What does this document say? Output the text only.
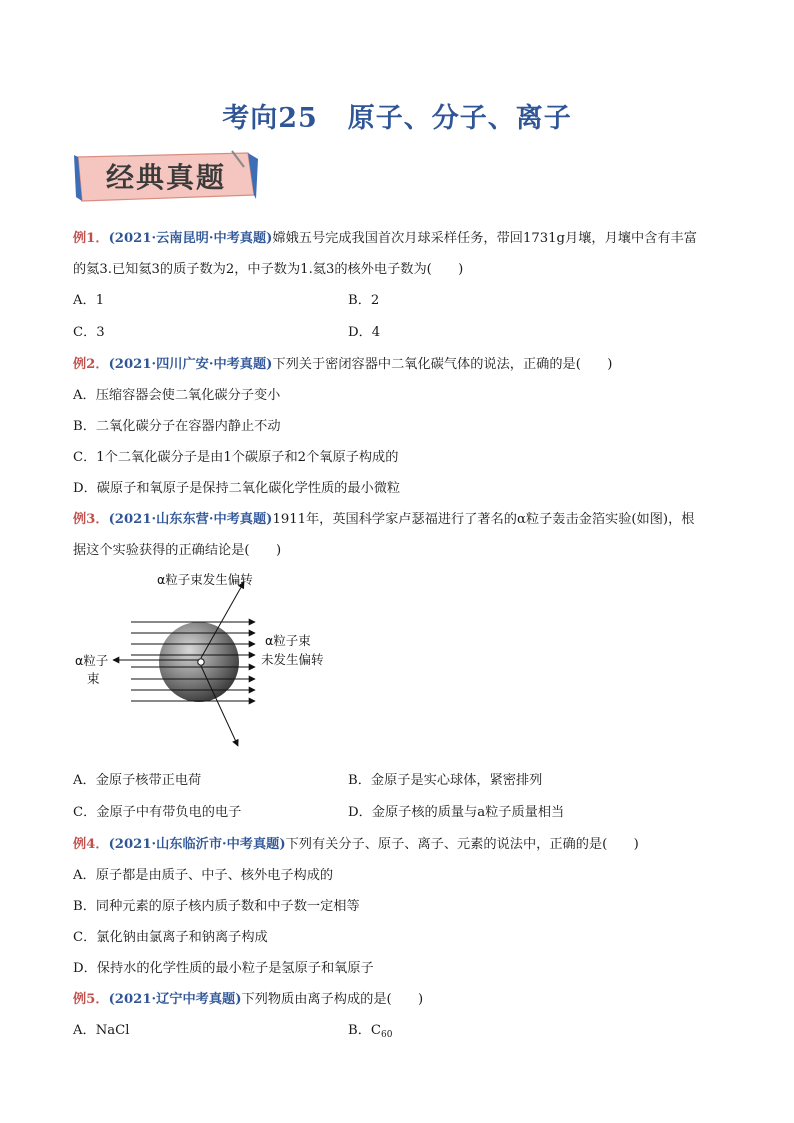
考向25 原子、分子、离子
经典真题
例1．(2021·云南昆明·中考真题)嫦娥五号完成我国首次月球采样任务，带回1731g月壤，月壤中含有丰富
的氦3.已知氦3的质子数为2，中子数为1.氦3的核外电子数为(　　)
A．1	B．2
C．3	D．4
例2．(2021·四川广安·中考真题)下列关于密闭容器中二氧化碳气体的说法，正确的是(　　)
A．压缩容器会使二氧化碳分子变小
B．二氧化碳分子在容器内静止不动
C．1个二氧化碳分子是由1个碳原子和2个氧原子构成的
D．碳原子和氧原子是保持二氧化碳化学性质的最小微粒
例3．(2021·山东东营·中考真题)1911年，英国科学家卢瑟福进行了著名的α粒子轰击金箔实验(如图)，根
据这个实验获得的正确结论是(　　)
α粒子束发生偏转
α粒子束
未发生偏转
α粒子
束
A．金原子核带正电荷	B．金原子是实心球体，紧密排列
C．金原子中有带负电的电子	D．金原子核的质量与a粒子质量相当
例4．(2021·山东临沂市·中考真题)下列有关分子、原子、离子、元素的说法中，正确的是(　　)
A．原子都是由质子、中子、核外电子构成的
B．同种元素的原子核内质子数和中子数一定相等
C．氯化钠由氯离子和钠离子构成
D．保持水的化学性质的最小粒子是氢原子和氧原子
例5．(2021·辽宁中考真题)下列物质由离子构成的是(　　)
A．NaCl	B．$C_{60}$
